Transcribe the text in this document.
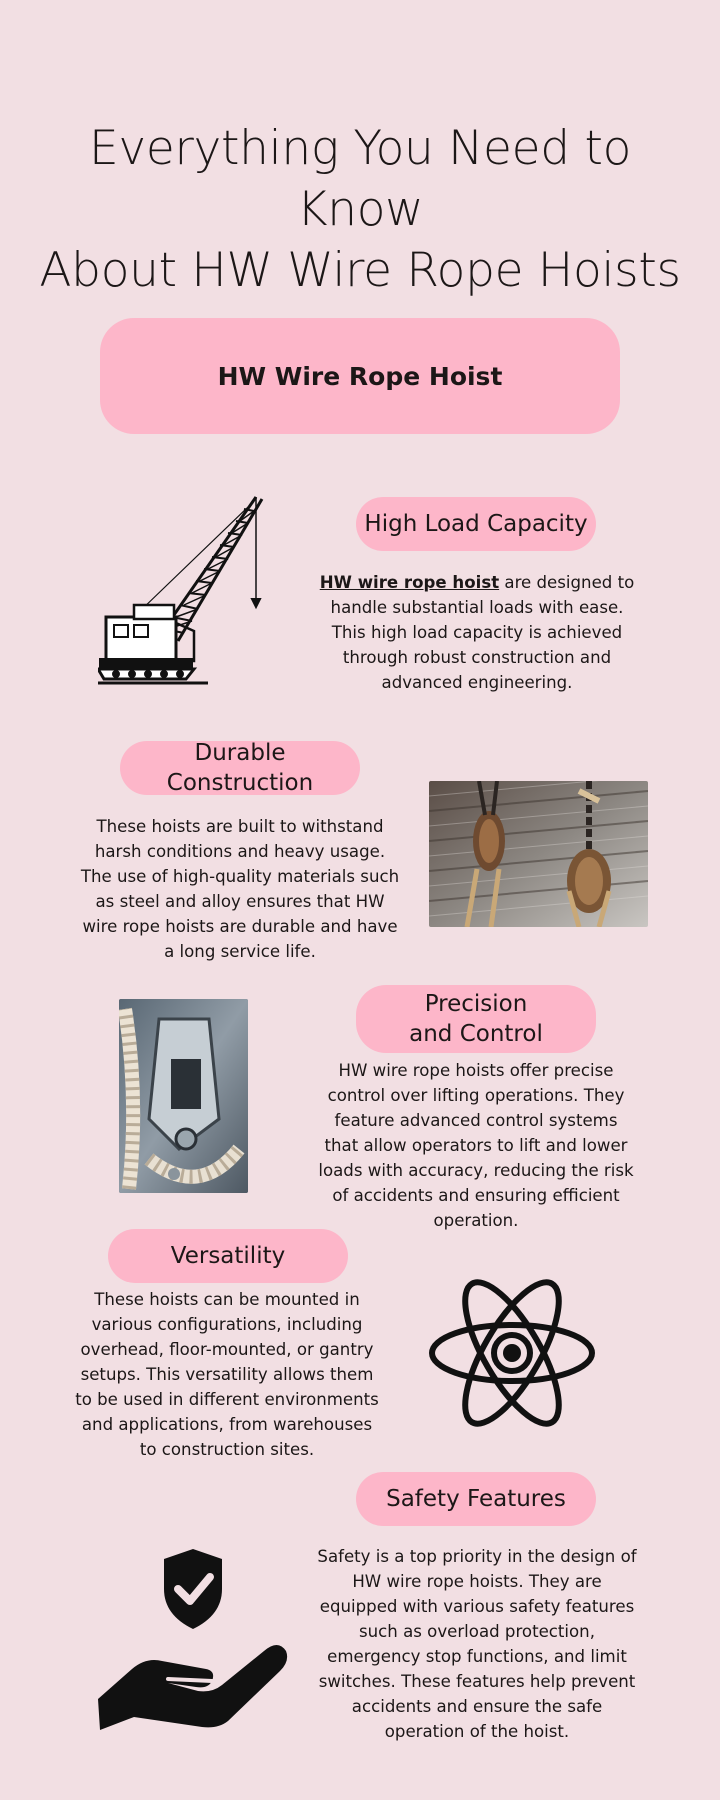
Everything You Need to Know
About HW Wire Rope Hoists
HW Wire Rope Hoist
High Load Capacity

HW wire rope hoist are designed to handle substantial loads with ease. This high load capacity is achieved through robust construction and advanced engineering.

Durable Construction

These hoists are built to withstand harsh conditions and heavy usage. The use of high-quality materials such as steel and alloy ensures that HW wire rope hoists are durable and have a long service life.

Precision and Control

HW wire rope hoists offer precise control over lifting operations. They feature advanced control systems that allow operators to lift and lower loads with accuracy, reducing the risk of accidents and ensuring efficient operation.

Versatility

These hoists can be mounted in various configurations, including overhead, floor-mounted, or gantry setups. This versatility allows them to be used in different environments and applications, from warehouses to construction sites.

Safety Features

Safety is a top priority in the design of HW wire rope hoists. They are equipped with various safety features such as overload protection, emergency stop functions, and limit switches. These features help prevent accidents and ensure the safe operation of the hoist.
